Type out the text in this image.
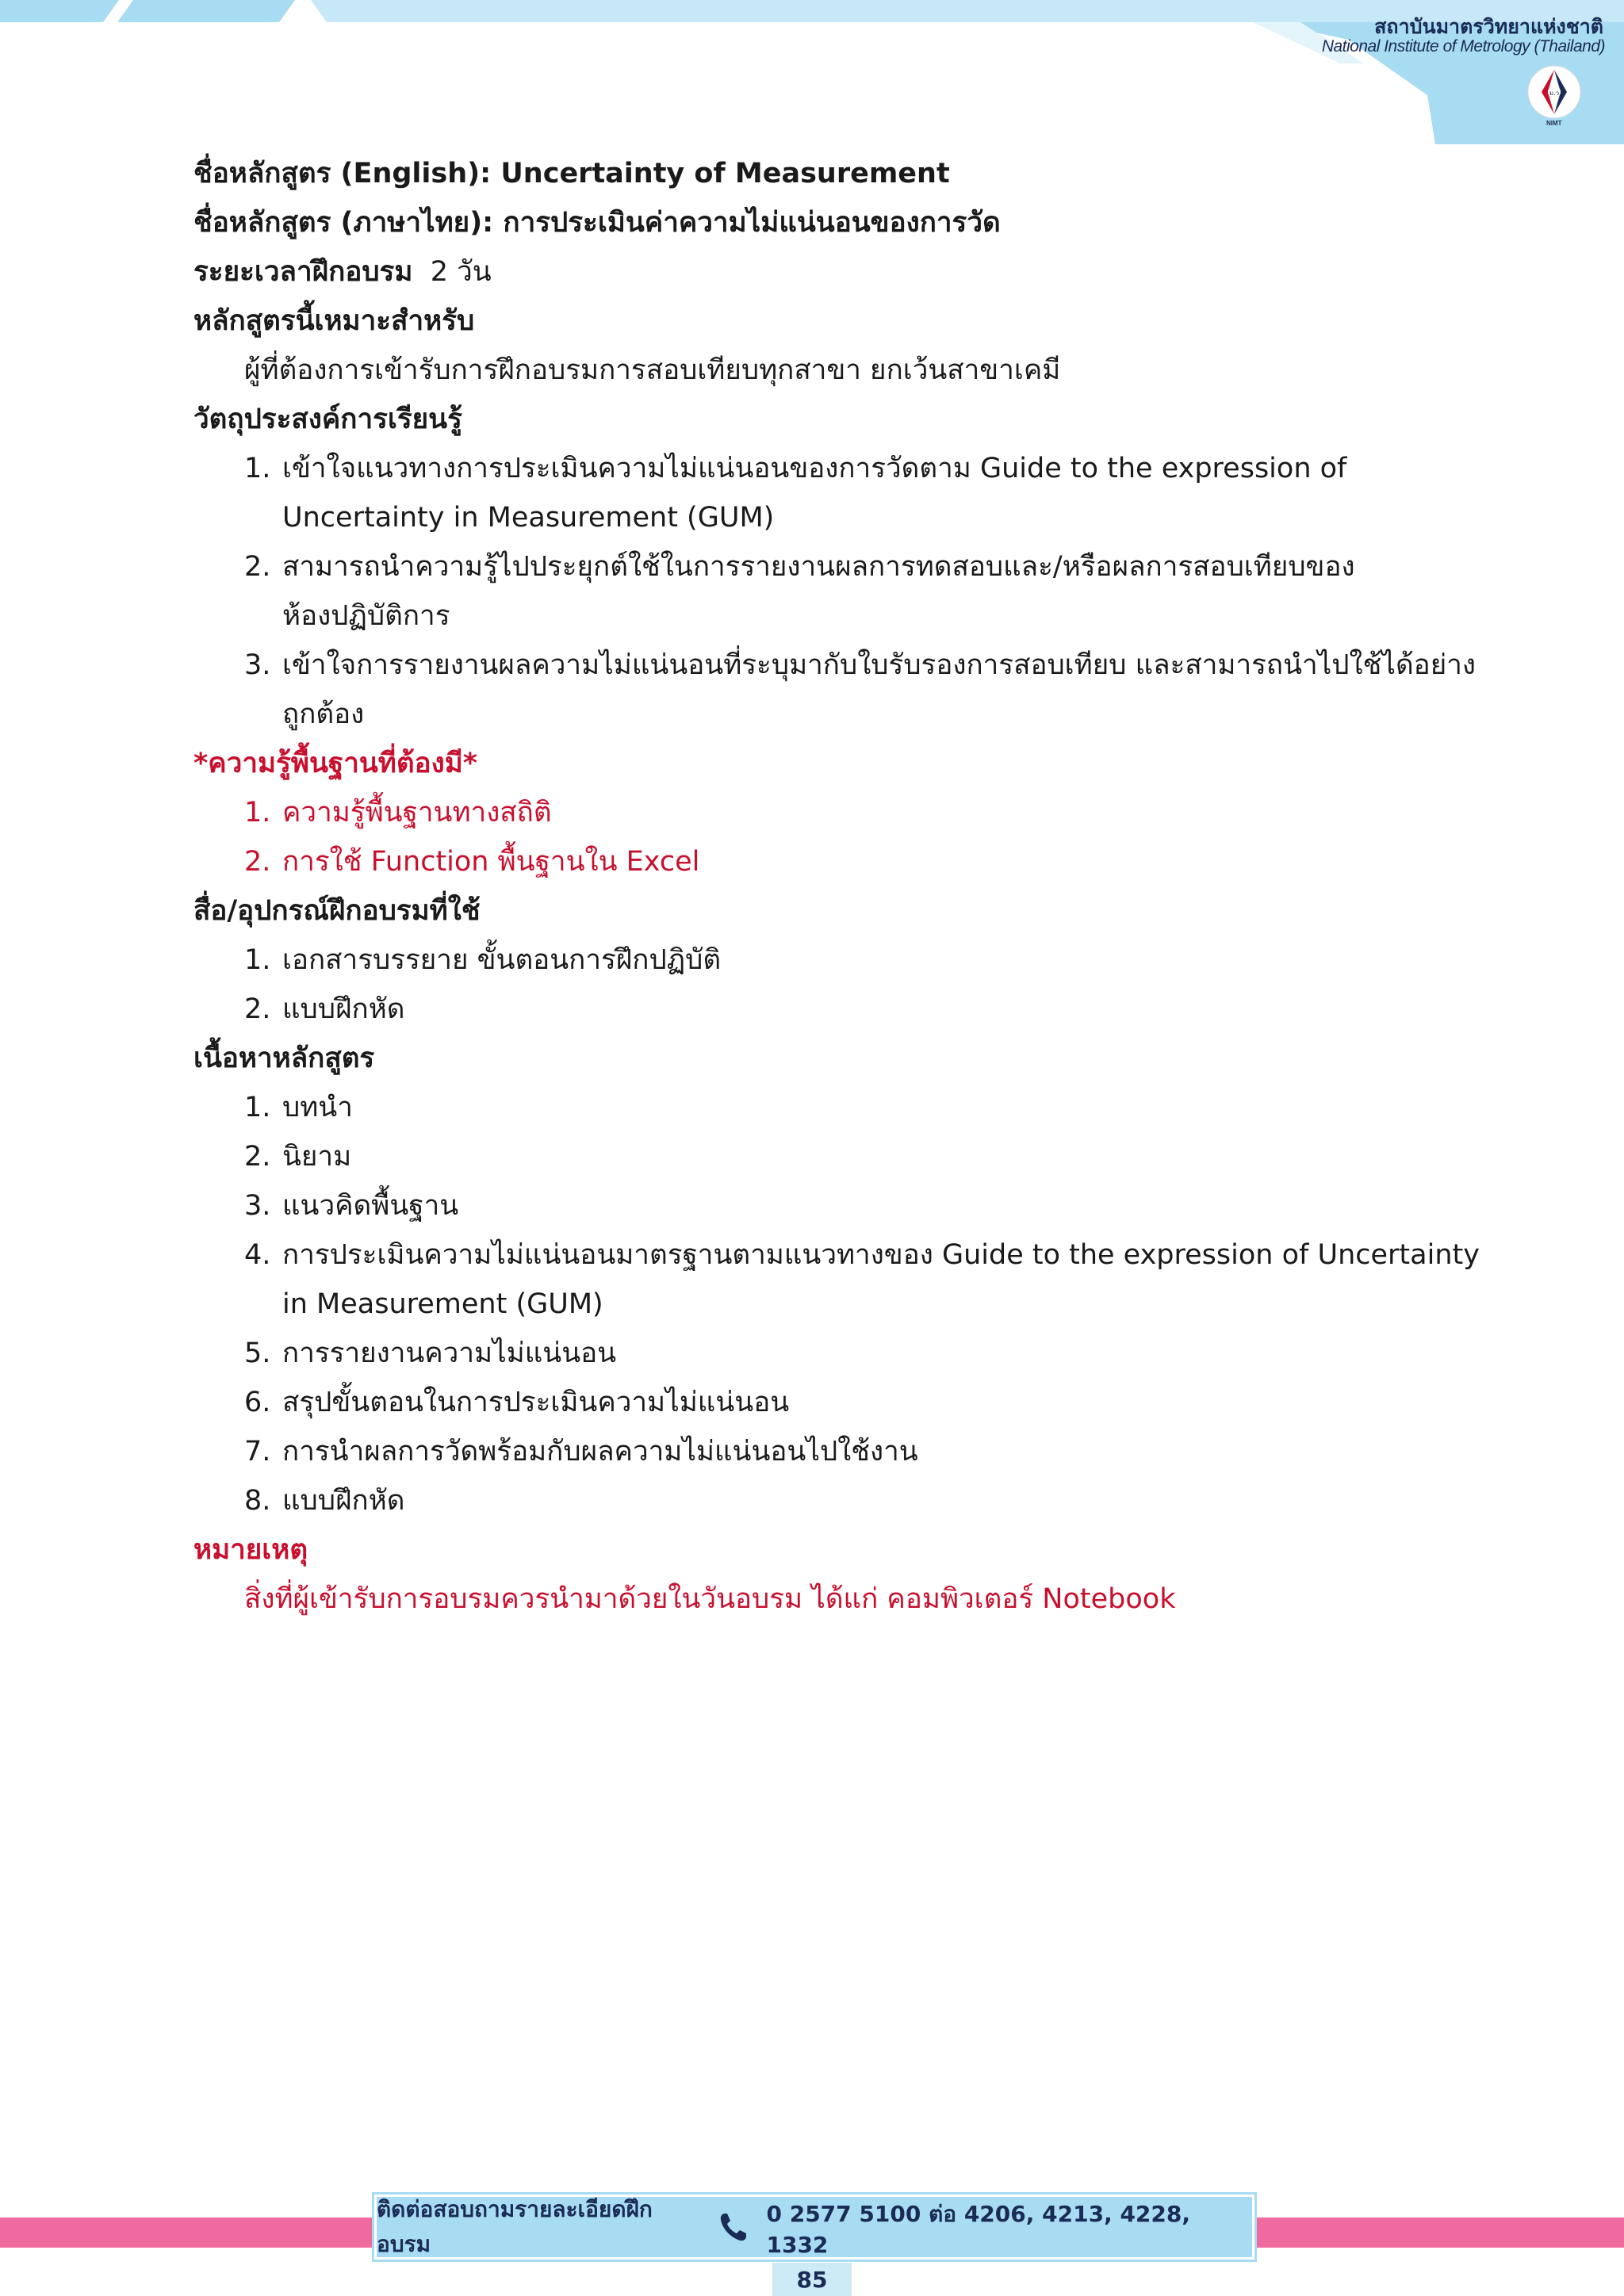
สถาบันมาตรวิทยาแห่งชาติ
National Institute of Metrology (Thailand)
ม.ว
NIMT
ชื่อหลักสูตร (English): Uncertainty of Measurement
ชื่อหลักสูตร (ภาษาไทย): การประเมินค่าความไม่แน่นอนของการวัด
ระยะเวลาฝึกอบรม  2 วัน
หลักสูตรนี้เหมาะสำหรับ
ผู้ที่ต้องการเข้ารับการฝึกอบรมการสอบเทียบทุกสาขา ยกเว้นสาขาเคมี
วัตถุประสงค์การเรียนรู้
1. เข้าใจแนวทางการประเมินความไม่แน่นอนของการวัดตาม Guide to the expression of
Uncertainty in Measurement (GUM)
2. สามารถนำความรู้ไปประยุกต์ใช้ในการรายงานผลการทดสอบและ/หรือผลการสอบเทียบของ
ห้องปฏิบัติการ
3. เข้าใจการรายงานผลความไม่แน่นอนที่ระบุมากับใบรับรองการสอบเทียบ และสามารถนำไปใช้ได้อย่าง
ถูกต้อง
*ความรู้พื้นฐานที่ต้องมี*
1. ความรู้พื้นฐานทางสถิติ
2. การใช้ Function พื้นฐานใน Excel
สื่อ/อุปกรณ์ฝึกอบรมที่ใช้
1. เอกสารบรรยาย ขั้นตอนการฝึกปฏิบัติ
2. แบบฝึกหัด
เนื้อหาหลักสูตร
1. บทนำ
2. นิยาม
3. แนวคิดพื้นฐาน
4. การประเมินความไม่แน่นอนมาตรฐานตามแนวทางของ Guide to the expression of Uncertainty
in Measurement (GUM)
5. การรายงานความไม่แน่นอน
6. สรุปขั้นตอนในการประเมินความไม่แน่นอน
7. การนำผลการวัดพร้อมกับผลความไม่แน่นอนไปใช้งาน
8. แบบฝึกหัด
หมายเหตุ
สิ่งที่ผู้เข้ารับการอบรมควรนำมาด้วยในวันอบรม ได้แก่ คอมพิวเตอร์ Notebook
ติดต่อสอบถามรายละเอียดฝึกอบรม
0 2577 5100 ต่อ 4206, 4213, 4228, 1332
85
